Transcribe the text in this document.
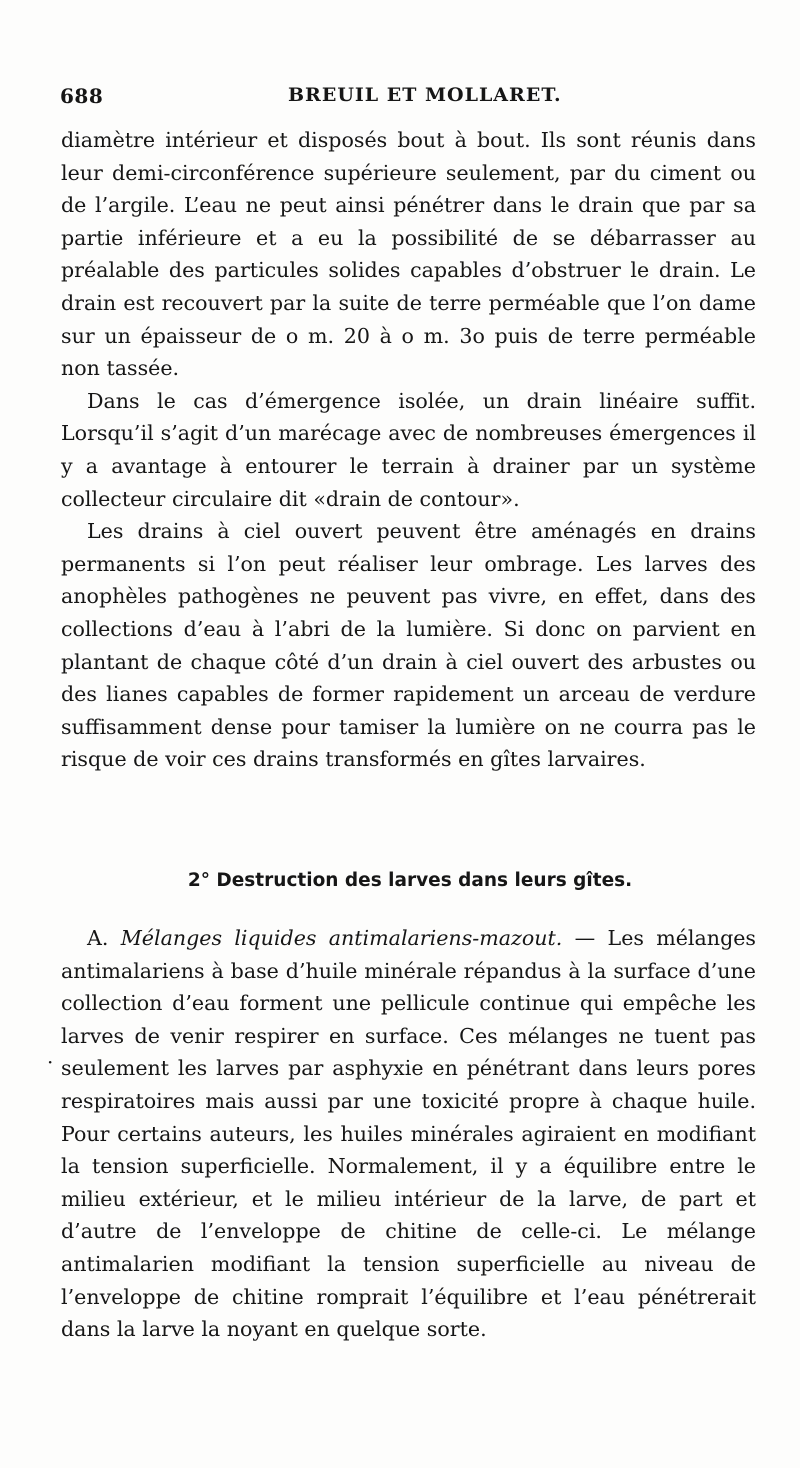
688	BREUIL ET MOLLARET.

diamètre intérieur et disposés bout à bout. Ils sont réunis dans leur demi-circonférence supérieure seulement, par du ciment ou de l’argile. L’eau ne peut ainsi pénétrer dans le drain que par sa partie inférieure et a eu la possibilité de se débarrasser au préalable des particules solides capables d’obstruer le drain. Le drain est recouvert par la suite de terre perméable que l’on dame sur un épaisseur de o m. 20 à o m. 3o puis de terre perméable non tassée.

Dans le cas d’émergence isolée, un drain linéaire suffit. Lorsqu’il s’agit d’un marécage avec de nombreuses émergences il y a avantage à entourer le terrain à drainer par un système collecteur circulaire dit «drain de contour».

Les drains à ciel ouvert peuvent être aménagés en drains permanents si l’on peut réaliser leur ombrage. Les larves des anophèles pathogènes ne peuvent pas vivre, en effet, dans des collections d’eau à l’abri de la lumière. Si donc on parvient en plantant de chaque côté d’un drain à ciel ouvert des arbustes ou des lianes capables de former rapidement un arceau de verdure suffisamment dense pour tamiser la lumière on ne courra pas le risque de voir ces drains transformés en gîtes larvaires.

2° Destruction des larves dans leurs gîtes.

A. Mélanges liquides antimalariens-mazout. — Les mélanges antimalariens à base d’huile minérale répandus à la surface d’une collection d’eau forment une pellicule continue qui empêche les larves de venir respirer en surface. Ces mélanges ne tuent pas seulement les larves par asphyxie en pénétrant dans leurs pores respiratoires mais aussi par une toxicité propre à chaque huile. Pour certains auteurs, les huiles minérales agiraient en modifiant la tension superficielle. Normalement, il y a équilibre entre le milieu extérieur, et le milieu intérieur de la larve, de part et d’autre de l’enveloppe de chitine de celle-ci. Le mélange antimalarien modifiant la tension superficielle au niveau de l’enveloppe de chitine romprait l’équilibre et l’eau pénétrerait dans la larve la noyant en quelque sorte.

·
